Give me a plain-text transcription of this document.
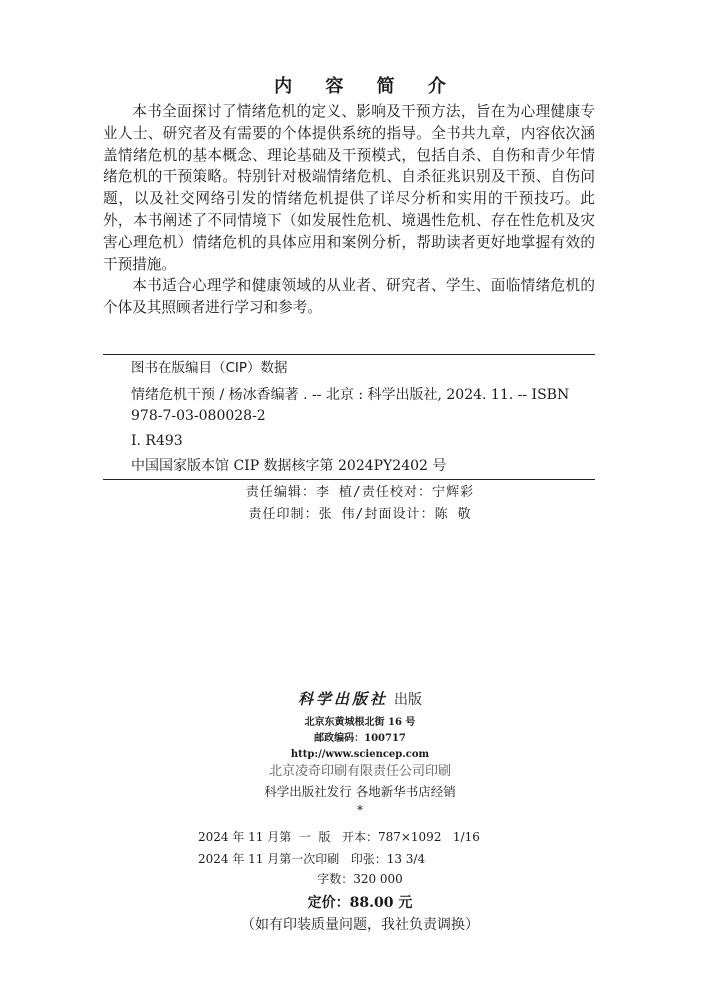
内 容 简 介

本书全面探讨了情绪危机的定义、影响及干预方法，旨在为心理健康专业人士、研究者及有需要的个体提供系统的指导。全书共九章，内容依次涵盖情绪危机的基本概念、理论基础及干预模式，包括自杀、自伤和青少年情绪危机的干预策略。特别针对极端情绪危机、自杀征兆识别及干预、自伤问题，以及社交网络引发的情绪危机提供了详尽分析和实用的干预技巧。此外，本书阐述了不同情境下（如发展性危机、境遇性危机、存在性危机及灾害心理危机）情绪危机的具体应用和案例分析，帮助读者更好地掌握有效的干预措施。

本书适合心理学和健康领域的从业者、研究者、学生、面临情绪危机的个体及其照顾者进行学习和参考。

图书在版编目（CIP）数据
情绪危机干预 / 杨冰香编著 . -- 北京 : 科学出版社, 2024. 11. -- ISBN
978-7-03-080028-2
Ⅰ. R493
中国国家版本馆 CIP 数据核字第 2024PY2402 号
责任编辑：李 植/责任校对：宁辉彩
责任印制：张 伟/封面设计：陈 敬
科学出版社 出版
北京东黄城根北街 16 号
邮政编码：100717
http://www.sciencep.com
北京凌奇印刷有限责任公司印刷
科学出版社发行 各地新华书店经销
*
2024 年 11 月第  一  版   开本：787×1092   1/16
2024 年 11 月第一次印刷   印张：13 3/4
字数：320 000
定价：88.00 元
（如有印装质量问题，我社负责调换）
